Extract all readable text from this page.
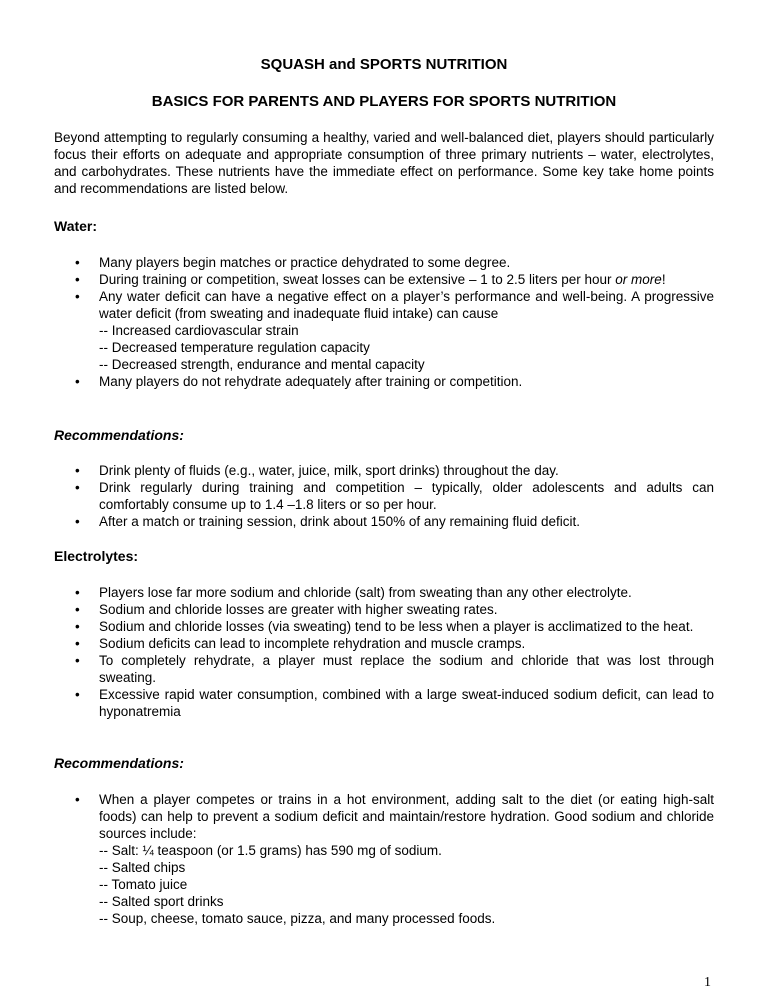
SQUASH and SPORTS NUTRITION
BASICS FOR PARENTS AND PLAYERS FOR SPORTS NUTRITION
Beyond attempting to regularly consuming a healthy, varied and well-balanced diet, players should particularly focus their efforts on adequate and appropriate consumption of three primary nutrients – water, electrolytes, and carbohydrates. These nutrients have the immediate effect on performance. Some key take home points and recommendations are listed below.
Water:
• Many players begin matches or practice dehydrated to some degree.
• During training or competition, sweat losses can be extensive – 1 to 2.5 liters per hour or more!
• Any water deficit can have a negative effect on a player’s performance and well-being. A progressive water deficit (from sweating and inadequate fluid intake) can cause
-- Increased cardiovascular strain
-- Decreased temperature regulation capacity
-- Decreased strength, endurance and mental capacity
• Many players do not rehydrate adequately after training or competition.
Recommendations:
• Drink plenty of fluids (e.g., water, juice, milk, sport drinks) throughout the day.
• Drink regularly during training and competition – typically, older adolescents and adults can comfortably consume up to 1.4 –1.8 liters or so per hour.
• After a match or training session, drink about 150% of any remaining fluid deficit.
Electrolytes:
• Players lose far more sodium and chloride (salt) from sweating than any other electrolyte.
• Sodium and chloride losses are greater with higher sweating rates.
• Sodium and chloride losses (via sweating) tend to be less when a player is acclimatized to the heat.
• Sodium deficits can lead to incomplete rehydration and muscle cramps.
• To completely rehydrate, a player must replace the sodium and chloride that was lost through sweating.
• Excessive rapid water consumption, combined with a large sweat-induced sodium deficit, can lead to hyponatremia
Recommendations:
• When a player competes or trains in a hot environment, adding salt to the diet (or eating high-salt foods) can help to prevent a sodium deficit and maintain/restore hydration. Good sodium and chloride sources include:
-- Salt: ¼ teaspoon (or 1.5 grams) has 590 mg of sodium.
-- Salted chips
-- Tomato juice
-- Salted sport drinks
-- Soup, cheese, tomato sauce, pizza, and many processed foods.
1
